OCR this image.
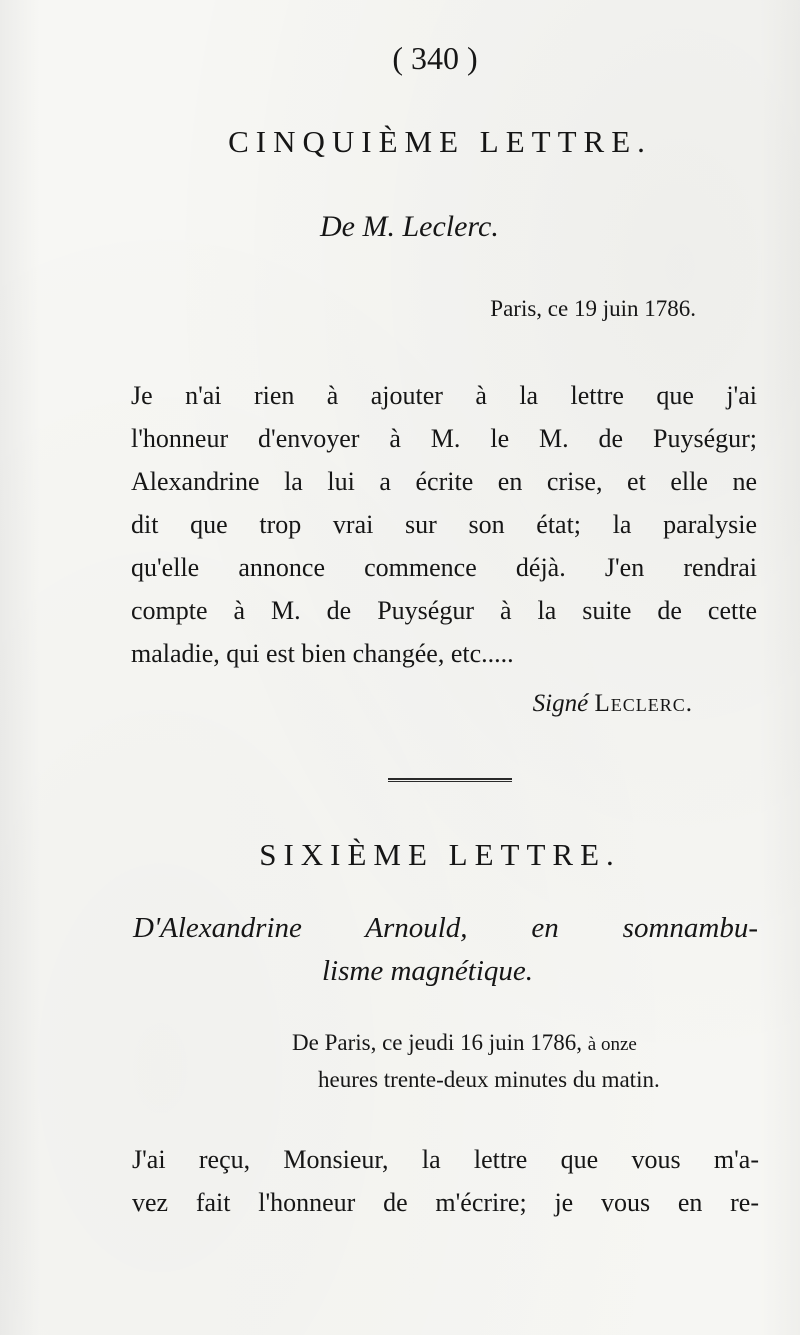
( 340 )
CINQUIÈME LETTRE.
De M. Leclerc.
Paris, ce 19 juin 1786.
Je n'ai rien à ajouter à la lettre que j'ai
l'honneur d'envoyer à M. le M. de Puységur;
Alexandrine la lui a écrite en crise, et elle ne
dit que trop vrai sur son état; la paralysie
qu'elle annonce commence déjà. J'en rendrai
compte à M. de Puységur à la suite de cette
maladie, qui est bien changée, etc.....
Signé Leclerc.
SIXIÈME LETTRE.
D'Alexandrine Arnould, en somnambu-
lisme magnétique.
De Paris, ce jeudi 16 juin 1786, à onze
heures trente-deux minutes du matin.
J'ai reçu, Monsieur, la lettre que vous m'a-
vez fait l'honneur de m'écrire; je vous en re-
